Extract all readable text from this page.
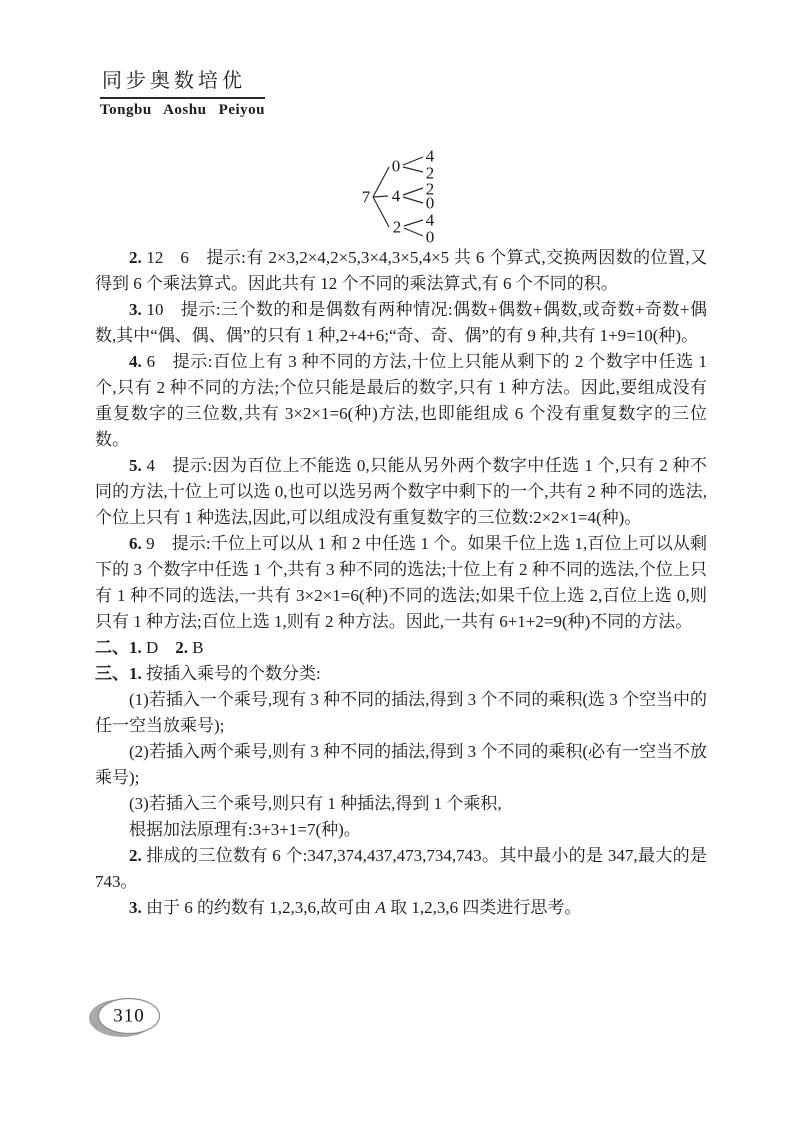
同步奥数培优
Tongbu Aoshu Peiyou
7
0
4
2
4
2
2
0
4
0

2. 12 6 提示:有 2×3,2×4,2×5,3×4,3×5,4×5 共 6 个算式,交换两因数的位置,又得到 6 个乘法算式。因此共有 12 个不同的乘法算式,有 6 个不同的积。

3. 10 提示:三个数的和是偶数有两种情况:偶数+偶数+偶数,或奇数+奇数+偶数,其中“偶、偶、偶”的只有 1 种,2+4+6;“奇、奇、偶”的有 9 种,共有 1+9=10(种)。

4. 6 提示:百位上有 3 种不同的方法,十位上只能从剩下的 2 个数字中任选 1 个,只有 2 种不同的方法;个位只能是最后的数字,只有 1 种方法。因此,要组成没有重复数字的三位数,共有 3×2×1=6(种)方法,也即能组成 6 个没有重复数字的三位数。

5. 4 提示:因为百位上不能选 0,只能从另外两个数字中任选 1 个,只有 2 种不同的方法,十位上可以选 0,也可以选另两个数字中剩下的一个,共有 2 种不同的选法,个位上只有 1 种选法,因此,可以组成没有重复数字的三位数:2×2×1=4(种)。

6. 9 提示:千位上可以从 1 和 2 中任选 1 个。如果千位上选 1,百位上可以从剩下的 3 个数字中任选 1 个,共有 3 种不同的选法;十位上有 2 种不同的选法,个位上只有 1 种不同的选法,一共有 3×2×1=6(种)不同的选法;如果千位上选 2,百位上选 0,则只有 1 种方法;百位上选 1,则有 2 种方法。因此,一共有 6+1+2=9(种)不同的方法。

二、1. D 2. B

三、1. 按插入乘号的个数分类:

(1)若插入一个乘号,现有 3 种不同的插法,得到 3 个不同的乘积(选 3 个空当中的任一空当放乘号);

(2)若插入两个乘号,则有 3 种不同的插法,得到 3 个不同的乘积(必有一空当不放乘号);

(3)若插入三个乘号,则只有 1 种插法,得到 1 个乘积,

根据加法原理有:3+3+1=7(种)。

2. 排成的三位数有 6 个:347,374,437,473,734,743。其中最小的是 347,最大的是 743。

3. 由于 6 的约数有 1,2,3,6,故可由 A 取 1,2,3,6 四类进行思考。

310
